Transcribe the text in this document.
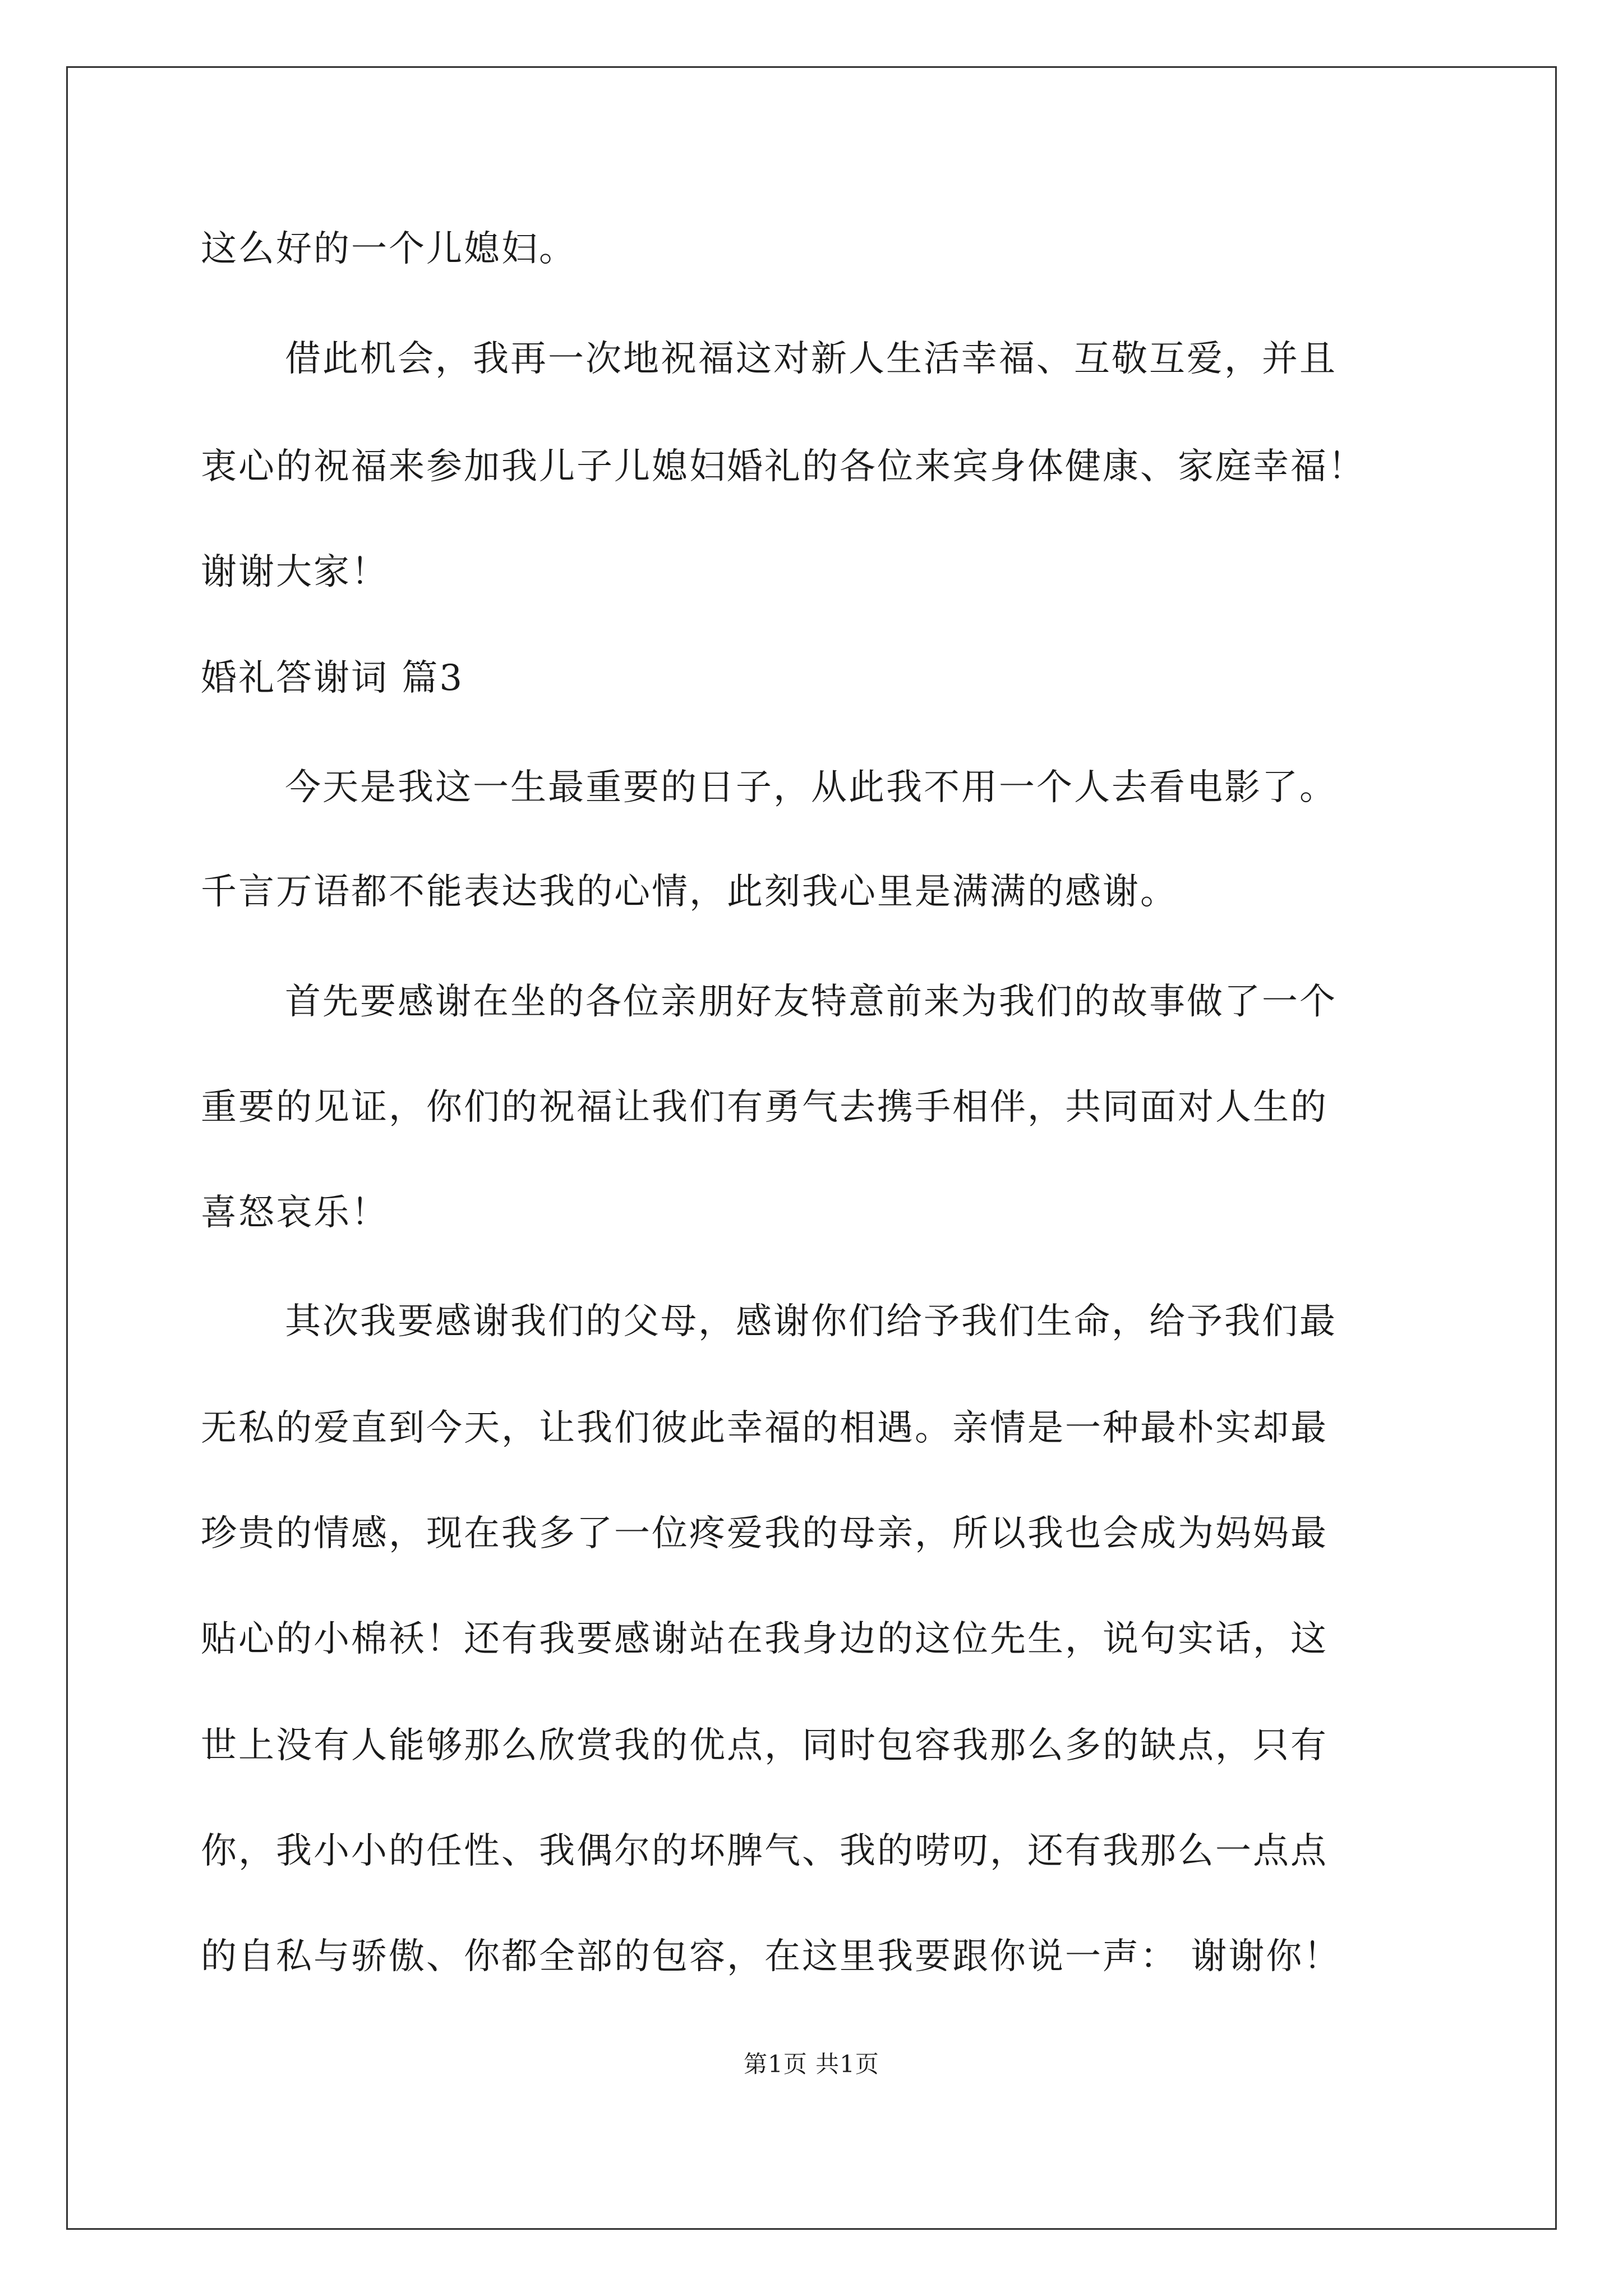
这么好的一个儿媳妇。
借此机会，我再一次地祝福这对新人生活幸福、互敬互爱，并且
衷心的祝福来参加我儿子儿媳妇婚礼的各位来宾身体健康、家庭幸福！
谢谢大家！
婚礼答谢词 篇3
今天是我这一生最重要的日子，从此我不用一个人去看电影了。
千言万语都不能表达我的心情，此刻我心里是满满的感谢。
首先要感谢在坐的各位亲朋好友特意前来为我们的故事做了一个
重要的见证，你们的祝福让我们有勇气去携手相伴，共同面对人生的
喜怒哀乐！
其次我要感谢我们的父母，感谢你们给予我们生命，给予我们最
无私的爱直到今天，让我们彼此幸福的相遇。亲情是一种最朴实却最
珍贵的情感，现在我多了一位疼爱我的母亲，所以我也会成为妈妈最
贴心的小棉袄！还有我要感谢站在我身边的这位先生，说句实话，这
世上没有人能够那么欣赏我的优点，同时包容我那么多的缺点，只有
你，我小小的任性、我偶尔的坏脾气、我的唠叨，还有我那么一点点
的自私与骄傲、你都全部的包容，在这里我要跟你说一声： 谢谢你！
第1页 共1页
